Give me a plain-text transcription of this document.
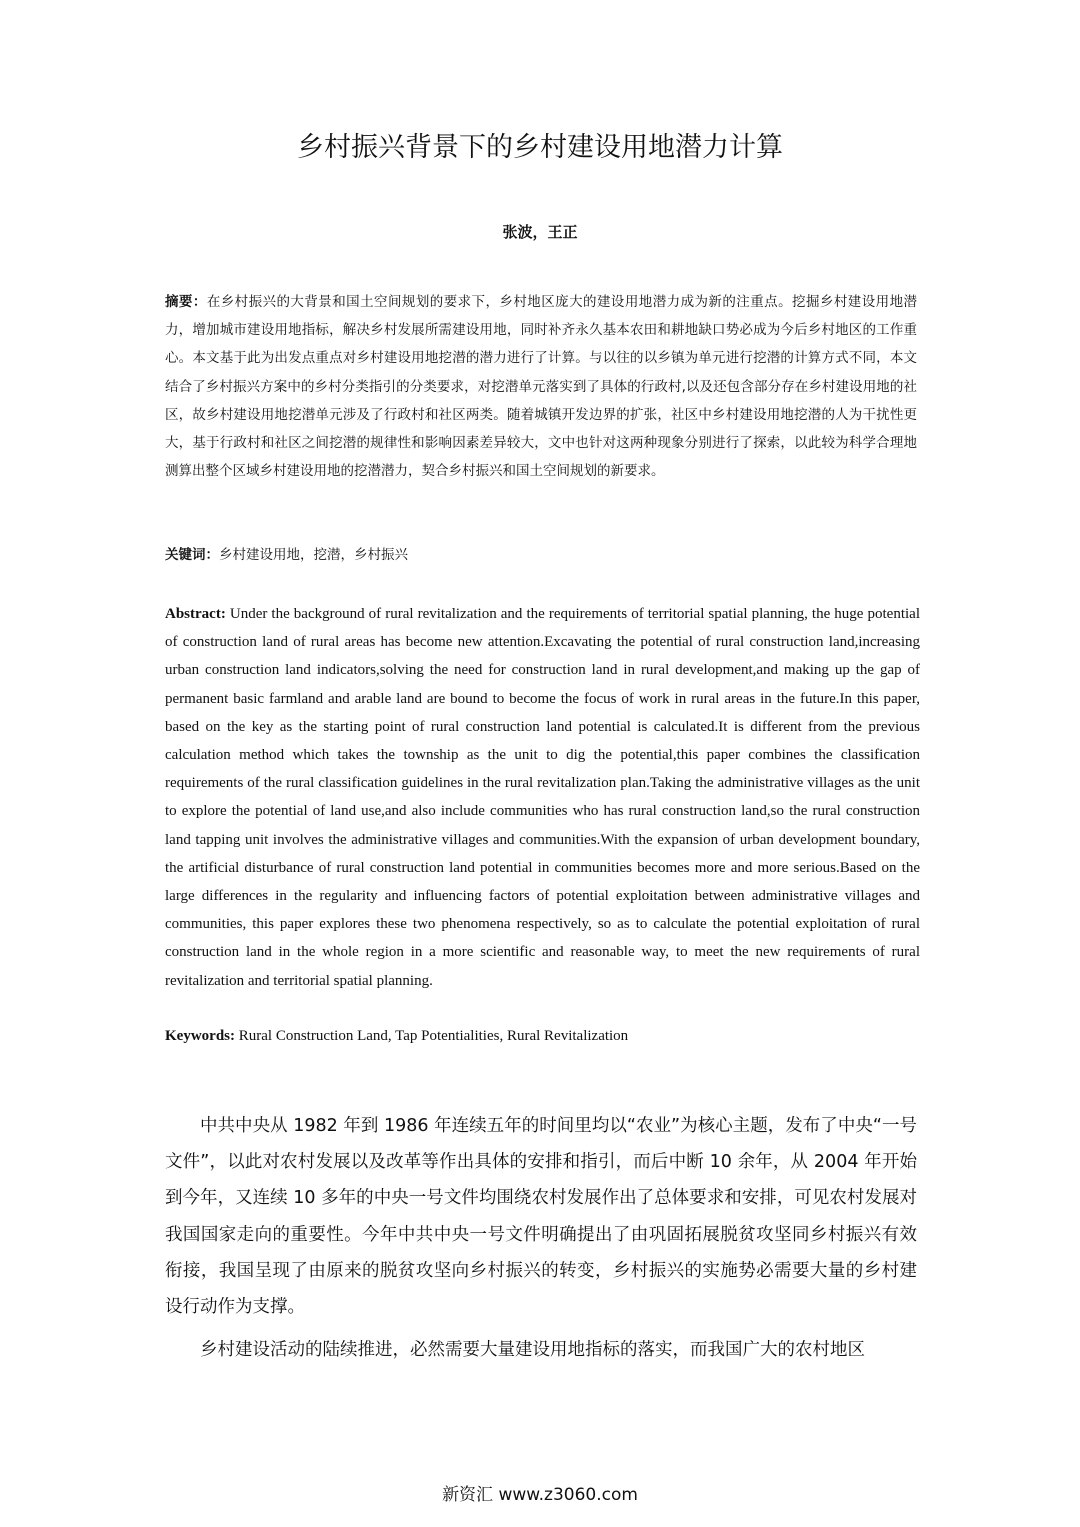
乡村振兴背景下的乡村建设用地潜力计算
张波，王正
摘要：在乡村振兴的大背景和国土空间规划的要求下，乡村地区庞大的建设用地潜力成为新的注重点。挖掘乡村建设用地潜力，增加城市建设用地指标，解决乡村发展所需建设用地，同时补齐永久基本农田和耕地缺口势必成为今后乡村地区的工作重心。本文基于此为出发点重点对乡村建设用地挖潜的潜力进行了计算。与以往的以乡镇为单元进行挖潜的计算方式不同，本文结合了乡村振兴方案中的乡村分类指引的分类要求，对挖潜单元落实到了具体的行政村,以及还包含部分存在乡村建设用地的社区，故乡村建设用地挖潜单元涉及了行政村和社区两类。随着城镇开发边界的扩张，社区中乡村建设用地挖潜的人为干扰性更大，基于行政村和社区之间挖潜的规律性和影响因素差异较大，文中也针对这两种现象分别进行了探索，以此较为科学合理地测算出整个区域乡村建设用地的挖潜潜力，契合乡村振兴和国土空间规划的新要求。
关键词：乡村建设用地，挖潜，乡村振兴
Abstract: Under the background of rural revitalization and the requirements of territorial spatial planning, the huge potential of construction land of rural areas has become new attention.Excavating the potential of rural construction land,increasing urban construction land indicators,solving the need for construction land in rural development,and making up the gap of permanent basic farmland and arable land are bound to become the focus of work in rural areas in the future.In this paper, based on the key as the starting point of rural construction land potential is calculated.It is different from the previous calculation method which takes the township as the unit to dig the potential,this paper combines the classification requirements of the rural classification guidelines in the rural revitalization plan.Taking the administrative villages as the unit to explore the potential of land use,and also include communities who has rural construction land,so the rural construction land tapping unit involves the administrative villages and communities.With the expansion of urban development boundary, the artificial disturbance of rural construction land potential in communities becomes more and more serious.Based on the large differences in the regularity and influencing factors of potential exploitation between administrative villages and communities, this paper explores these two phenomena respectively, so as to calculate the potential exploitation of rural construction land in the whole region in a more scientific and reasonable way, to meet the new requirements of rural revitalization and territorial spatial planning.
Keywords: Rural Construction Land, Tap Potentialities, Rural Revitalization
中共中央从 1982 年到 1986 年连续五年的时间里均以“农业”为核心主题，发布了中央“一号文件”，以此对农村发展以及改革等作出具体的安排和指引，而后中断 10 余年，从 2004 年开始到今年，又连续 10 多年的中央一号文件均围绕农村发展作出了总体要求和安排，可见农村发展对我国国家走向的重要性。今年中共中央一号文件明确提出了由巩固拓展脱贫攻坚同乡村振兴有效衔接，我国呈现了由原来的脱贫攻坚向乡村振兴的转变，乡村振兴的实施势必需要大量的乡村建设行动作为支撑。
乡村建设活动的陆续推进，必然需要大量建设用地指标的落实，而我国广大的农村地区
新资汇 www.z3060.com
